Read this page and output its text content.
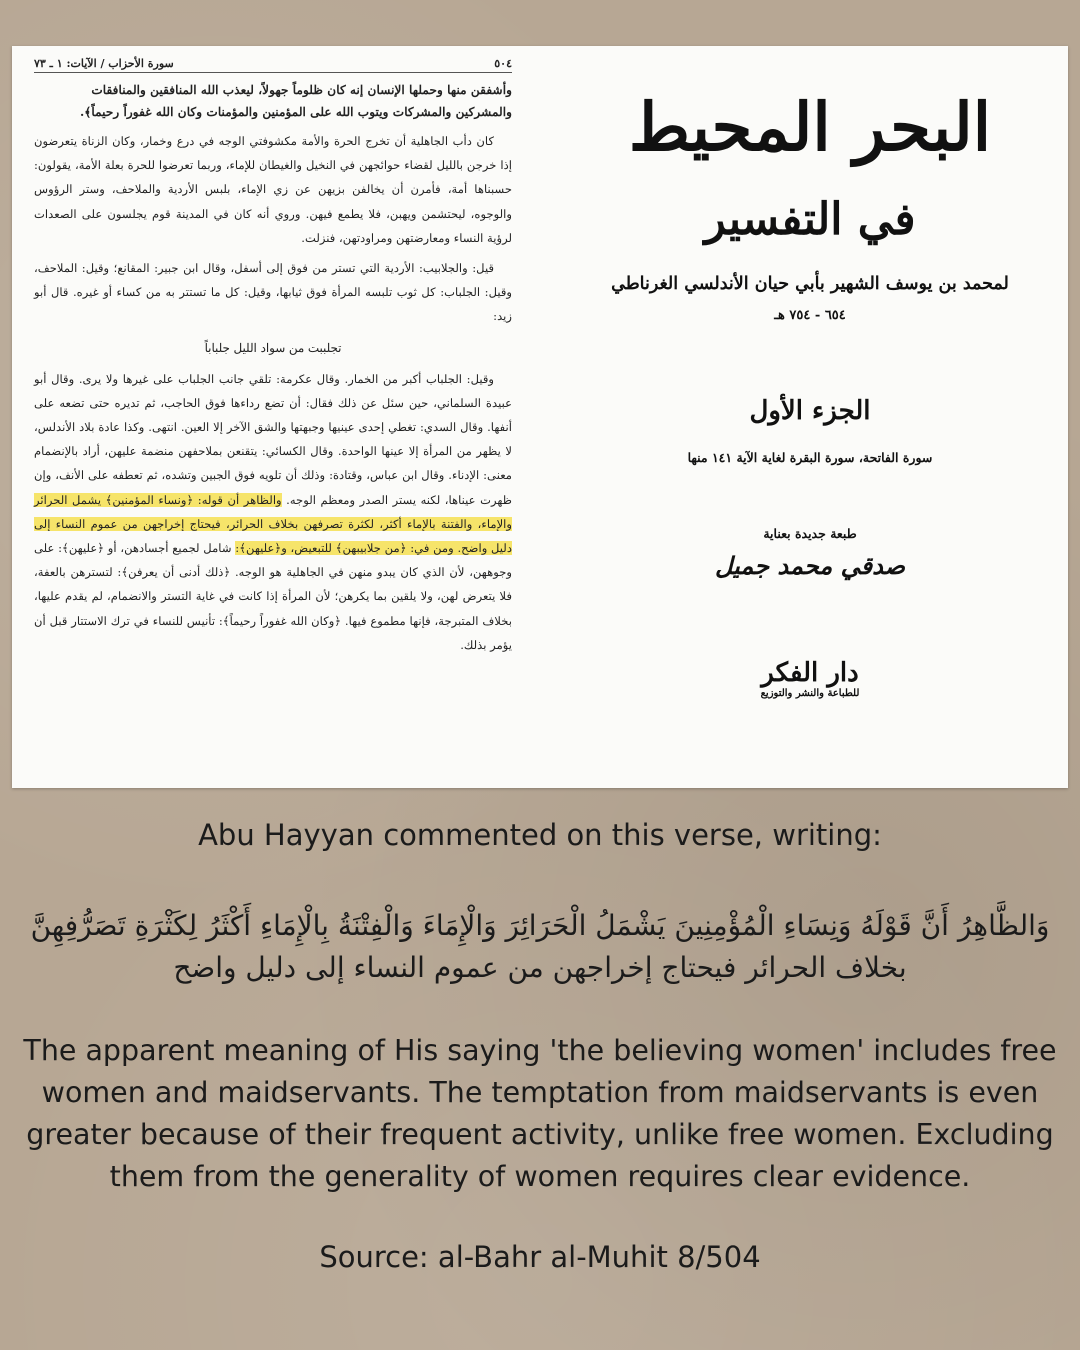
٥٠٤
سورة الأحزاب / الآيات: ١ ـ ٧٣
وأشفقن منها وحملها الإنسان إنه كان ظلوماً جهولاً، ليعذب الله المنافقين والمنافقات
والمشركين والمشركات ويتوب الله على المؤمنين والمؤمنات وكان الله غفوراً رحيماً﴾.

كان دأب الجاهلية أن تخرج الحرة والأمة مكشوفتي الوجه في درع وخمار، وكان الزناة يتعرضون إذا خرجن بالليل لقضاء حوائجهن في النخيل والغيطان للإماء، وربما تعرضوا للحرة بعلة الأمة، يقولون: حسبناها أمة، فأمرن أن يخالفن بزيهن عن زي الإماء، بلبس الأردية والملاحف، وستر الرؤوس والوجوه، ليحتشمن ويهبن، فلا يطمع فيهن. وروي أنه كان في المدينة قوم يجلسون على الصعدات لرؤية النساء ومعارضتهن ومراودتهن، فنزلت.

قيل: والجلابيب: الأردية التي تستر من فوق إلى أسفل، وقال ابن جبير: المقانع؛ وقيل: الملاحف، وقيل: الجلباب: كل ثوب تلبسه المرأة فوق ثيابها، وقيل: كل ما تستتر به من كساء أو غيره. قال أبو زيد:

تجلببت من سواد الليل جلباباً

وقيل: الجلباب أكبر من الخمار. وقال عكرمة: تلقي جانب الجلباب على غيرها ولا يرى. وقال أبو عبيدة السلماني، حين سئل عن ذلك فقال: أن تضع رداءها فوق الحاجب، ثم تديره حتى تضعه على أنفها. وقال السدي: تغطي إحدى عينيها وجبهتها والشق الآخر إلا العين. انتهى. وكذا عادة بلاد الأندلس، لا يظهر من المرأة إلا عينها الواحدة. وقال الكسائي: يتقنعن بملاحفهن منضمة عليهن، أراد بالإنضمام معنى: الإدناء. وقال ابن عباس، وقتادة: وذلك أن تلويه فوق الجبين وتشده، ثم تعطفه على الأنف، وإن ظهرت عيناها، لكنه يستر الصدر ومعظم الوجه. والظاهر أن قوله: ﴿ونساء المؤمنين﴾ يشمل الحرائر والإماء، والفتنة بالإماء أكثر، لكثرة تصرفهن بخلاف الحرائر، فيحتاج إخراجهن من عموم النساء إلى دليل واضح. ومن في: ﴿من جلابيبهن﴾ للتبعيض، و﴿عليهن﴾: شامل لجميع أجسادهن، أو ﴿عليهن﴾: على وجوههن، لأن الذي كان يبدو منهن في الجاهلية هو الوجه. ﴿ذلك أدنى أن يعرفن﴾: لتسترهن بالعفة، فلا يتعرض لهن، ولا يلقين بما يكرهن؛ لأن المرأة إذا كانت في غاية التستر والانضمام، لم يقدم عليها، بخلاف المتبرجة، فإنها مطموع فيها. ﴿وكان الله غفوراً رحيماً﴾: تأنيس للنساء في ترك الاستتار قبل أن يؤمر بذلك.

البحر المحيط
في التفسير
لمحمد بن يوسف الشهير بأبي حيان الأندلسي الغرناطي
٦٥٤ - ٧٥٤ هـ
الجزء الأول
سورة الفاتحة، سورة البقرة لغاية الآية ١٤١ منها
طبعة جديدة بعناية
صدقي محمد جميل
دار الفكر
للطباعة والنشر والتوزيع
Abu Hayyan commented on this verse, writing:
وَالظَّاهِرُ أَنَّ قَوْلَهُ وَنِسَاءِ الْمُؤْمِنِينَ يَشْمَلُ الْحَرَائِرَ وَالْإِمَاءَ وَالْفِتْنَةُ بِالْإِمَاءِ أَكْثَرُ لِكَثْرَةِ تَصَرُّفِهِنَّ
بخلاف الحرائر فيحتاج إخراجهن من عموم النساء إلى دليل واضح
The apparent meaning of His saying 'the believing women' includes free women and maidservants. The temptation from maidservants is even greater because of their frequent activity, unlike free women. Excluding them from the generality of women requires clear evidence.
Source: al-Bahr al-Muhit 8/504
